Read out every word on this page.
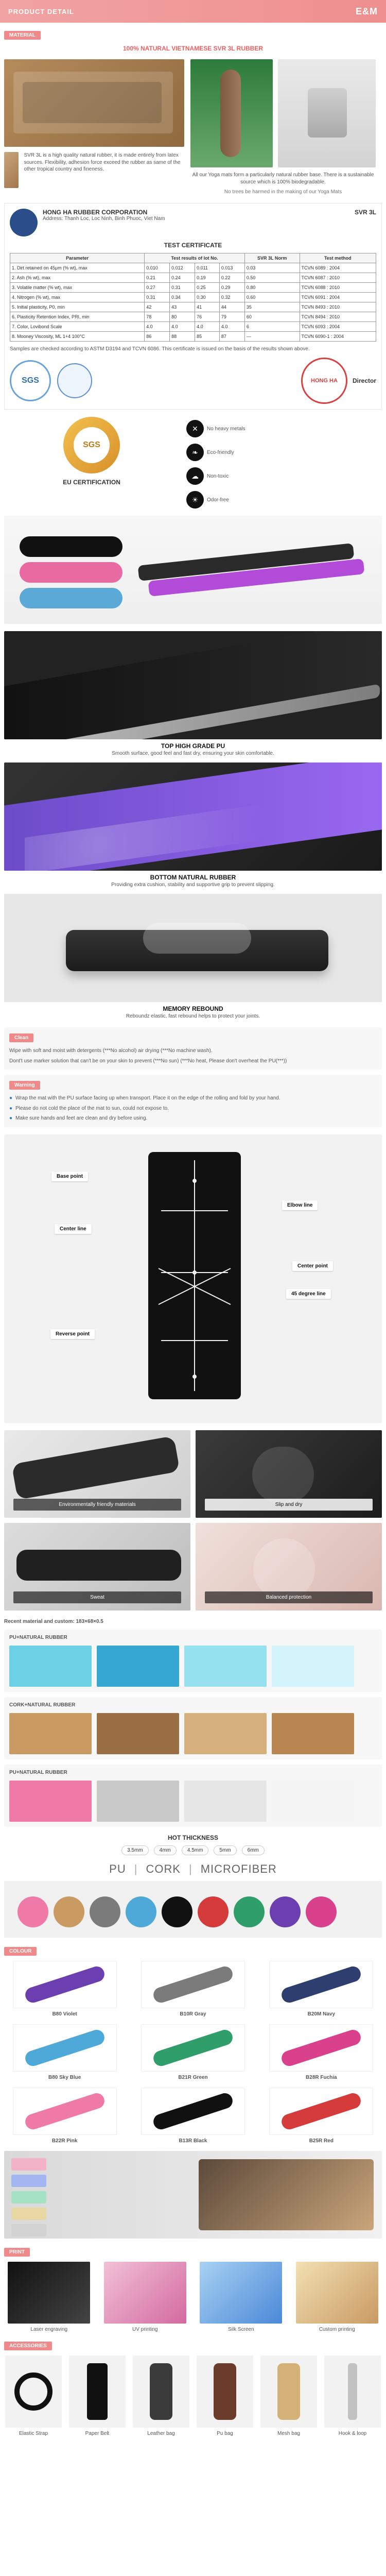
PRODUCT DETAIL	E&M
MATERIAL
100% NATURAL VIETNAMESE SVR 3L RUBBER
SVR 3L is a high quality natural rubber, it is made entirely from latex sources. Flexibility, adhesion force exceed the rubber as same of the other tropical country and fineness.
All our Yoga mats form a particularly natural rubber base. There is a sustainable source which is 100% biodegradable.
No trees be harmed in the making of our Yoga Mats
HONG HA RUBBER CORPORATION
Address: Thanh Loc, Loc Ninh, Binh Phuoc, Viet Nam
SVR 3L
TEST CERTIFICATE
Parameter	Test results of lot No.				SVR 3L Norm	Test method
1. Dirt retained on 45μm (% wt), max	0.010	0.012	0.011	0.013	0.03	TCVN 6089 : 2004
2. Ash (% wt), max	0.21	0.24	0.19	0.22	0.50	TCVN 6087 : 2010
3. Volatile matter (% wt), max	0.27	0.31	0.25	0.29	0.80	TCVN 6088 : 2010
4. Nitrogen (% wt), max	0.31	0.34	0.30	0.32	0.60	TCVN 6091 : 2004
5. Initial plasticity, P0, min	42	43	41	44	35	TCVN 8493 : 2010
6. Plasticity Retention Index, PRI, min	78	80	76	79	60	TCVN 8494 : 2010
7. Color, Lovibond Scale	4.0	4.0	4.0	4.0	6	TCVN 6093 : 2004
8. Mooney Viscosity, ML 1+4 100°C	86	88	85	87	—	TCVN 6090-1 : 2004
Samples are checked according to ASTM D3194 and TCVN 6086. This certificate is issued on the basis of the results shown above.
SGS	HONG HA Director
SGS
EU CERTIFICATION
✕	No heavy metals
❧	Eco-friendly
☁	Non-toxic
☀	Odor-free
TOP HIGH GRADE PU
Smooth surface, good feel and fast dry, ensuring your skin comfortable.
BOTTOM NATURAL RUBBER
Providing extra cushion, stability and supportive grip to prevent slipping.
MEMORY REBOUND
Reboundz elastic, fast rebound helps to protect your joints.
Clean
Wipe with soft and moist with detergents (***No alcohol) air drying (***No machine wash).
Dont't use marker solution that can't be on your skin to prevent (***No sun) (***No heat, Please don't overheat the PU(***))
Warning
● Wrap the mat with the PU surface facing up when transport. Place it on the edge of the rolling and fold by your hand.
● Please do not cold the place of the mat to sun, could not expose to.
● Make sure hands and feet are clean and dry before using.
Base point
Center line
Elbow line
Center point
45 degree line
Reverse point
Environmentally friendly materials	Slip and dry
Sweat	Balanced protection
Recent material and custom: 183×68×0.5
PU+NATURAL RUBBER
CORK+NATURAL RUBBER
PU+NATURAL RUBBER
HOT THICKNESS
3.5mm	4mm	4.5mm	5mm	6mm
PU | CORK | MICROFIBER
COLOUR
B80 Violet	B10R Gray	B20M Navy
B80 Sky Blue	B21R Green	B28R Fuchia
B22R Pink	B13R Black	B25R Red
PRINT
Laser engraving	UV printing	Silk Screen	Custom printing
ACCESSORIES
Elastic Strap	Paper Belt	Leather bag	Pu bag	Mesh bag	Hook & loop
